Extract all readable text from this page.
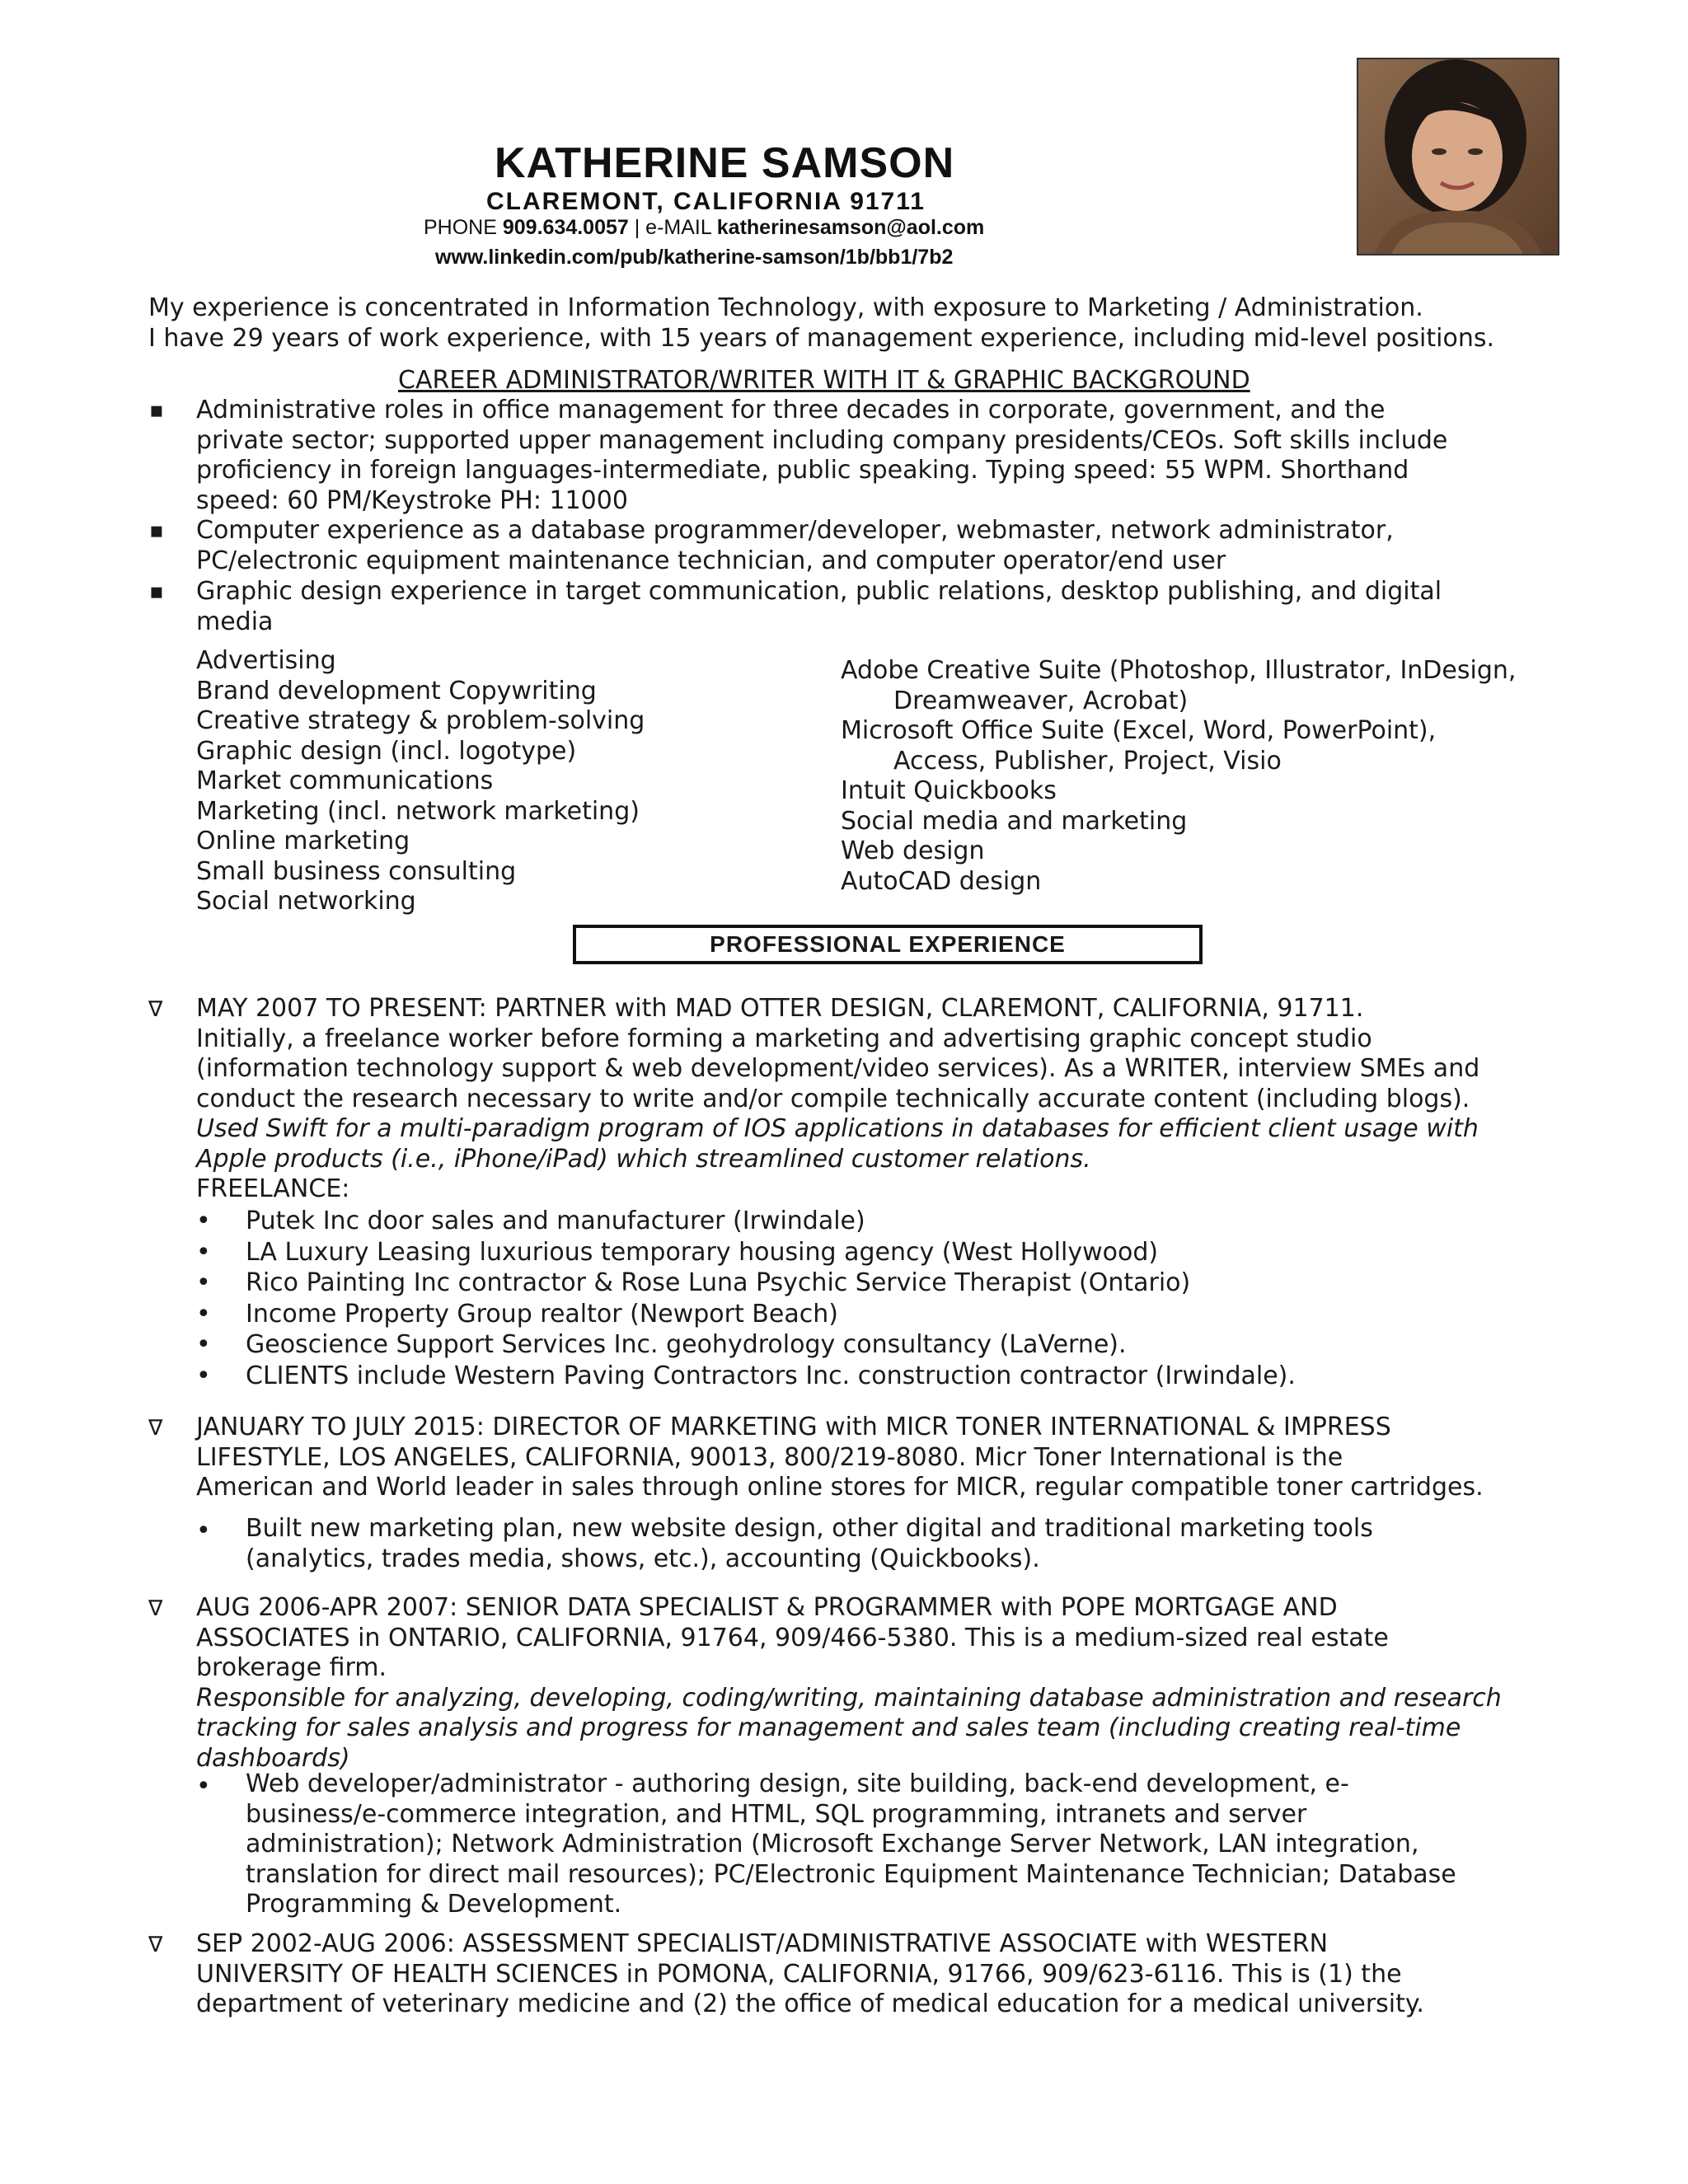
KATHERINE SAMSON
CLAREMONT, CALIFORNIA 91711
PHONE 909.634.0057 | e-MAIL katherinesamson@aol.com
www.linkedin.com/pub/katherine-samson/1b/bb1/7b2
My experience is concentrated in Information Technology, with exposure to Marketing / Administration.
I have 29 years of work experience, with 15 years of management experience, including mid-level positions.
CAREER ADMINISTRATOR/WRITER WITH IT & GRAPHIC BACKGROUND
▪ Administrative roles in office management for three decades in corporate, government, and the
private sector; supported upper management including company presidents/CEOs. Soft skills include
proficiency in foreign languages-intermediate, public speaking. Typing speed: 55 WPM. Shorthand
speed: 60 PM/Keystroke PH: 11000
▪ Computer experience as a database programmer/developer, webmaster, network administrator,
PC/electronic equipment maintenance technician, and computer operator/end user
▪ Graphic design experience in target communication, public relations, desktop publishing, and digital
media
Advertising
Brand development Copywriting
Creative strategy & problem-solving
Graphic design (incl. logotype)
Market communications
Marketing (incl. network marketing)
Online marketing
Small business consulting
Social networking
Adobe Creative Suite (Photoshop, Illustrator, InDesign,
Dreamweaver, Acrobat)
Microsoft Office Suite (Excel, Word, PowerPoint),
Access, Publisher, Project, Visio
Intuit Quickbooks
Social media and marketing
Web design
AutoCAD design
PROFESSIONAL EXPERIENCE
∇ MAY 2007 TO PRESENT: PARTNER with MAD OTTER DESIGN, CLAREMONT, CALIFORNIA, 91711.
Initially, a freelance worker before forming a marketing and advertising graphic concept studio
(information technology support & web development/video services). As a WRITER, interview SMEs and
conduct the research necessary to write and/or compile technically accurate content (including blogs).
Used Swift for a multi-paradigm program of IOS applications in databases for efficient client usage with
Apple products (i.e., iPhone/iPad) which streamlined customer relations.
FREELANCE:
• Putek Inc door sales and manufacturer (Irwindale)
• LA Luxury Leasing luxurious temporary housing agency (West Hollywood)
• Rico Painting Inc contractor & Rose Luna Psychic Service Therapist (Ontario)
• Income Property Group realtor (Newport Beach)
• Geoscience Support Services Inc. geohydrology consultancy (LaVerne).
• CLIENTS include Western Paving Contractors Inc. construction contractor (Irwindale).
∇ JANUARY TO JULY 2015: DIRECTOR OF MARKETING with MICR TONER INTERNATIONAL & IMPRESS
LIFESTYLE, LOS ANGELES, CALIFORNIA, 90013, 800/219-8080. Micr Toner International is the
American and World leader in sales through online stores for MICR, regular compatible toner cartridges.
• Built new marketing plan, new website design, other digital and traditional marketing tools
(analytics, trades media, shows, etc.), accounting (Quickbooks).
∇ AUG 2006-APR 2007: SENIOR DATA SPECIALIST & PROGRAMMER with POPE MORTGAGE AND
ASSOCIATES in ONTARIO, CALIFORNIA, 91764, 909/466-5380. This is a medium-sized real estate
brokerage firm.
Responsible for analyzing, developing, coding/writing, maintaining database administration and research
tracking for sales analysis and progress for management and sales team (including creating real-time
dashboards)
• Web developer/administrator - authoring design, site building, back-end development, e-
business/e-commerce integration, and HTML, SQL programming, intranets and server
administration); Network Administration (Microsoft Exchange Server Network, LAN integration,
translation for direct mail resources); PC/Electronic Equipment Maintenance Technician; Database
Programming & Development.
∇ SEP 2002-AUG 2006: ASSESSMENT SPECIALIST/ADMINISTRATIVE ASSOCIATE with WESTERN
UNIVERSITY OF HEALTH SCIENCES in POMONA, CALIFORNIA, 91766, 909/623-6116. This is (1) the
department of veterinary medicine and (2) the office of medical education for a medical university.
